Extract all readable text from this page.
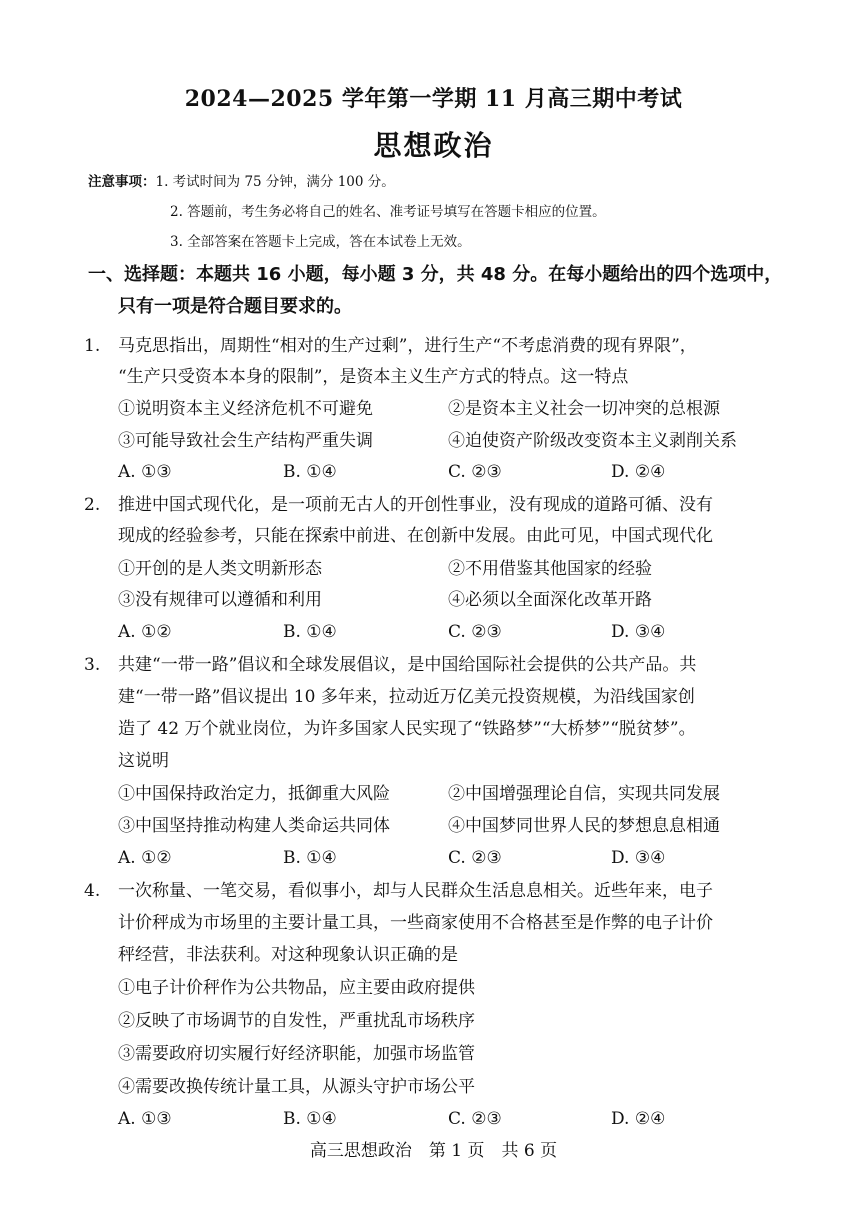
2024—2025 学年第一学期 11 月高三期中考试
思想政治
注意事项：1. 考试时间为 75 分钟，满分 100 分。
2. 答题前，考生务必将自己的姓名、准考证号填写在答题卡相应的位置。
3. 全部答案在答题卡上完成，答在本试卷上无效。
一、选择题：本题共 16 小题，每小题 3 分，共 48 分。在每小题给出的四个选项中，
只有一项是符合题目要求的。
1. 马克思指出，周期性“相对的生产过剩”，进行生产“不考虑消费的现有界限”，
“生产只受资本本身的限制”，是资本主义生产方式的特点。这一特点
①说明资本主义经济危机不可避免	②是资本主义社会一切冲突的总根源
③可能导致社会生产结构严重失调	④迫使资产阶级改变资本主义剥削关系
A. ①③	B. ①④	C. ②③	D. ②④
2. 推进中国式现代化，是一项前无古人的开创性事业，没有现成的道路可循、没有
现成的经验参考，只能在探索中前进、在创新中发展。由此可见，中国式现代化
①开创的是人类文明新形态	②不用借鉴其他国家的经验
③没有规律可以遵循和利用	④必须以全面深化改革开路
A. ①②	B. ①④	C. ②③	D. ③④
3. 共建“一带一路”倡议和全球发展倡议，是中国给国际社会提供的公共产品。共
建“一带一路”倡议提出 10 多年来，拉动近万亿美元投资规模，为沿线国家创
造了 42 万个就业岗位，为许多国家人民实现了“铁路梦”“大桥梦”“脱贫梦”。
这说明
①中国保持政治定力，抵御重大风险	②中国增强理论自信，实现共同发展
③中国坚持推动构建人类命运共同体	④中国梦同世界人民的梦想息息相通
A. ①②	B. ①④	C. ②③	D. ③④
4. 一次称量、一笔交易，看似事小，却与人民群众生活息息相关。近些年来，电子
计价秤成为市场里的主要计量工具，一些商家使用不合格甚至是作弊的电子计价
秤经营，非法获利。对这种现象认识正确的是
①电子计价秤作为公共物品，应主要由政府提供
②反映了市场调节的自发性，严重扰乱市场秩序
③需要政府切实履行好经济职能，加强市场监管
④需要改换传统计量工具，从源头守护市场公平
A. ①③	B. ①④	C. ②③	D. ②④
高三思想政治　第 1 页　共 6 页
